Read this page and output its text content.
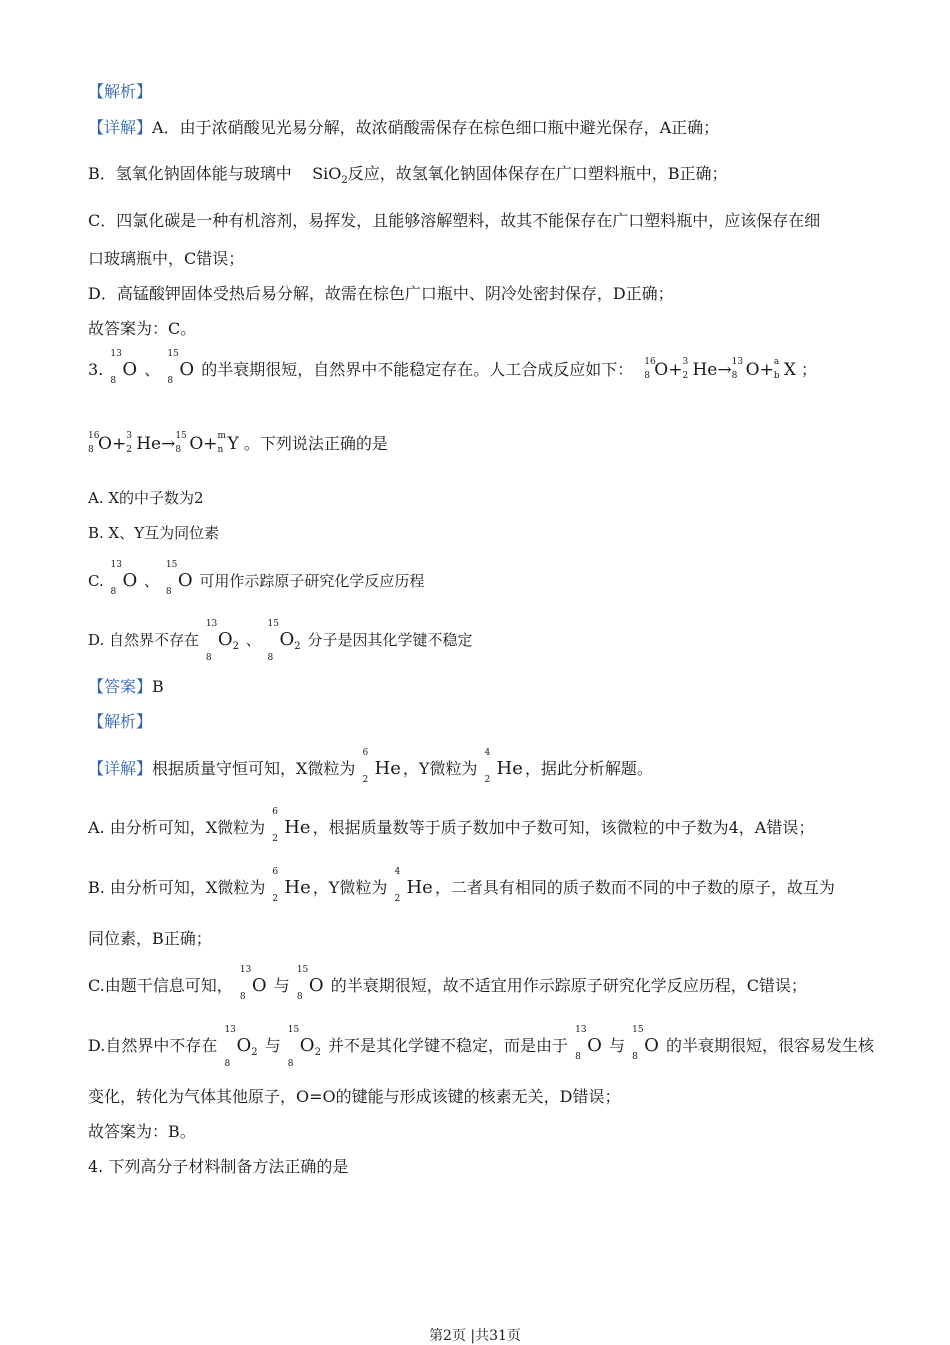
【解析】
【详解】A．由于浓硝酸见光易分解，故浓硝酸需保存在棕色细口瓶中避光保存，A正确；
B．氢氧化钠固体能与玻璃中 SiO$_2$反应，故氢氧化钠固体保存在广口塑料瓶中，B正确；
C．四氯化碳是一种有机溶剂，易挥发，且能够溶解塑料，故其不能保存在广口塑料瓶中，应该保存在细
口玻璃瓶中，C错误；
D．高锰酸钾固体受热后易分解，故需在棕色广口瓶中、阴冷处密封保存，D正确；
故答案为：C。
3.
13
8
O 、
15
8
O 的半衰期很短，自然界中不能稳定存在。人工合成反应如下： 16
8 O+ 3
2 He→ 13
8 O+ a
b X ；
16
8 O+ 3
2 He→ 15
8 O+ m
n Y 。下列说法正确的是
A. X的中子数为2
B. X、Y互为同位素
C.
13
8
O 、
15
8
O 可用作示踪原子研究化学反应历程
D. 自然界不存在
13
8
$O_2$ 、
15
8
$O_2$ 分子是因其化学键不稳定
【答案】B
【解析】
【详解】根据质量守恒可知，X微粒为
6
2
He ，Y微粒为
4
2
He ，据此分析解题。
A. 由分析可知，X微粒为
6
2
He ，根据质量数等于质子数加中子数可知，该微粒的中子数为4，A错误；
B. 由分析可知，X微粒为
6
2
He ，Y微粒为
4
2
He ，二者具有相同的质子数而不同的中子数的原子，故互为
同位素，B正确；
C.由题干信息可知，
13
8
O 与
15
8
O 的半衰期很短，故不适宜用作示踪原子研究化学反应历程，C错误；
D.自然界中不存在
13
8
$O_2$ 与
15
8
$O_2$ 并不是其化学键不稳定，而是由于
13
8
O 与
15
8
O 的半衰期很短，很容易发生核
变化，转化为气体其他原子，O=O的键能与形成该键的核素无关，D错误；
故答案为：B。
4. 下列高分子材料制备方法正确的是
第2页 |共31页
